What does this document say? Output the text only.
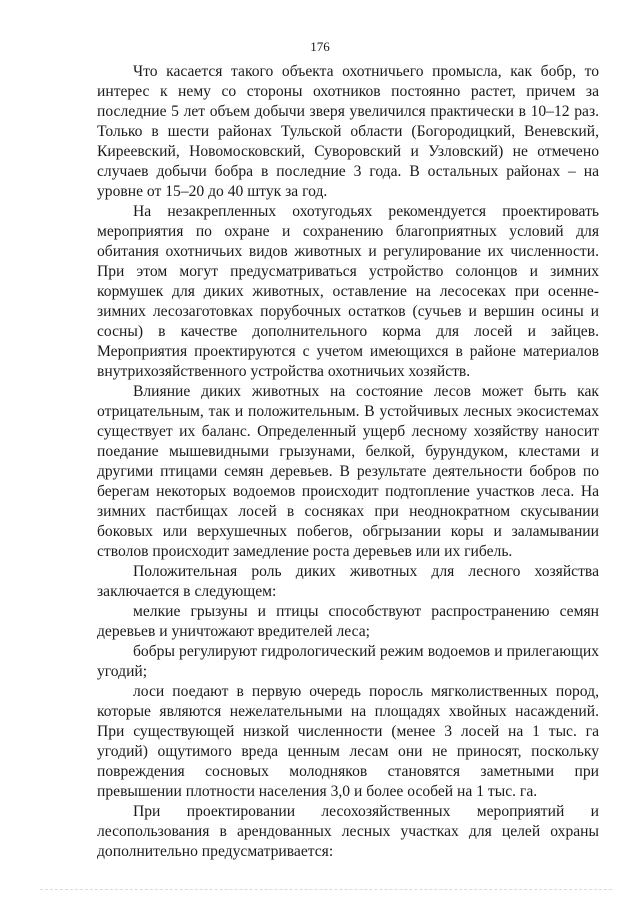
176

Что касается такого объекта охотничьего промысла, как бобр, то интерес к нему со стороны охотников постоянно растет, причем за последние 5 лет объем добычи зверя увеличился практически в 10–12 раз. Только в шести районах Тульской области (Богородицкий, Веневский, Киреевский, Новомосковский, Суворовский и Узловский) не отмечено случаев добычи бобра в последние 3 года. В остальных районах – на уровне от 15–20 до 40 штук за год.

На незакрепленных охотугодьях рекомендуется проектировать мероприятия по охране и сохранению благоприятных условий для обитания охотничьих видов животных и регулирование их численности. При этом могут предусматриваться устройство солонцов и зимних кормушек для диких животных, оставление на лесосеках при осенне-зимних лесозаготовках порубочных остатков (сучьев и вершин осины и сосны) в качестве дополнительного корма для лосей и зайцев. Мероприятия проектируются с учетом имеющихся в районе материалов внутрихозяйственного устройства охотничьих хозяйств.

Влияние диких животных на состояние лесов может быть как отрицательным, так и положительным. В устойчивых лесных экосистемах существует их баланс. Определенный ущерб лесному хозяйству наносит поедание мышевидными грызунами, белкой, бурундуком, клестами и другими птицами семян деревьев. В результате деятельности бобров по берегам некоторых водоемов происходит подтопление участков леса. На зимних пастбищах лосей в сосняках при неоднократном скусывании боковых или верхушечных побегов, обгрызании коры и заламывании стволов происходит замедление роста деревьев или их гибель.

Положительная роль диких животных для лесного хозяйства заключается в следующем:

мелкие грызуны и птицы способствуют распространению семян деревьев и уничтожают вредителей леса;

бобры регулируют гидрологический режим водоемов и прилегающих угодий;

лоси поедают в первую очередь поросль мягколиственных пород, которые являются нежелательными на площадях хвойных насаждений. При существующей низкой численности (менее 3 лосей на 1 тыс. га угодий) ощутимого вреда ценным лесам они не приносят, поскольку повреждения сосновых молодняков становятся заметными при превышении плотности населения 3,0 и более особей на 1 тыс. га.

При проектировании лесохозяйственных мероприятий и лесопользования в арендованных лесных участках для целей охраны дополнительно предусматривается:
